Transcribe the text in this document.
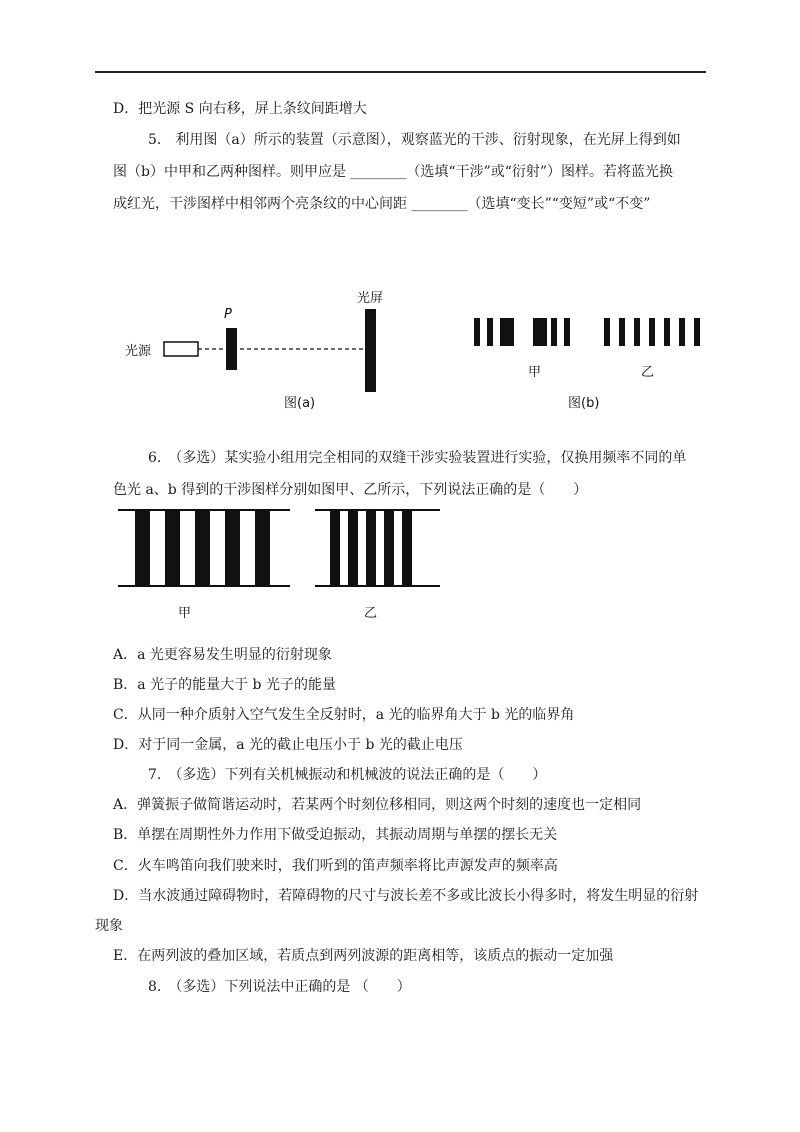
D．把光源 S 向右移，屏上条纹间距增大
5.　利用图（a）所示的装置（示意图），观察蓝光的干涉、衍射现象，在光屏上得到如
图（b）中甲和乙两种图样。则甲应是 ________（选填“干涉”或“衍射”）图样。若将蓝光换
成红光，干涉图样中相邻两个亮条纹的中心间距 ________（选填“变长”“变短”或“不变”
光源
P
光屏
图(a)
甲	乙
图(b)
6.　（多选）某实验小组用完全相同的双缝干涉实验装置进行实验，仅换用频率不同的单
色光 a、b 得到的干涉图样分别如图甲、乙所示，下列说法正确的是（　　）
甲	乙
A．a 光更容易发生明显的衍射现象
B．a 光子的能量大于 b 光子的能量
C．从同一种介质射入空气发生全反射时，a 光的临界角大于 b 光的临界角
D．对于同一金属，a 光的截止电压小于 b 光的截止电压
7.　（多选）下列有关机械振动和机械波的说法正确的是（　　）
A．弹簧振子做简谐运动时，若某两个时刻位移相同，则这两个时刻的速度也一定相同
B．单摆在周期性外力作用下做受迫振动，其振动周期与单摆的摆长无关
C．火车鸣笛向我们驶来时，我们听到的笛声频率将比声源发声的频率高
D．当水波通过障碍物时，若障碍物的尺寸与波长差不多或比波长小得多时，将发生明显的衍射
现象
E．在两列波的叠加区域，若质点到两列波源的距离相等，该质点的振动一定加强
8.　（多选）下列说法中正确的是 （　　）
